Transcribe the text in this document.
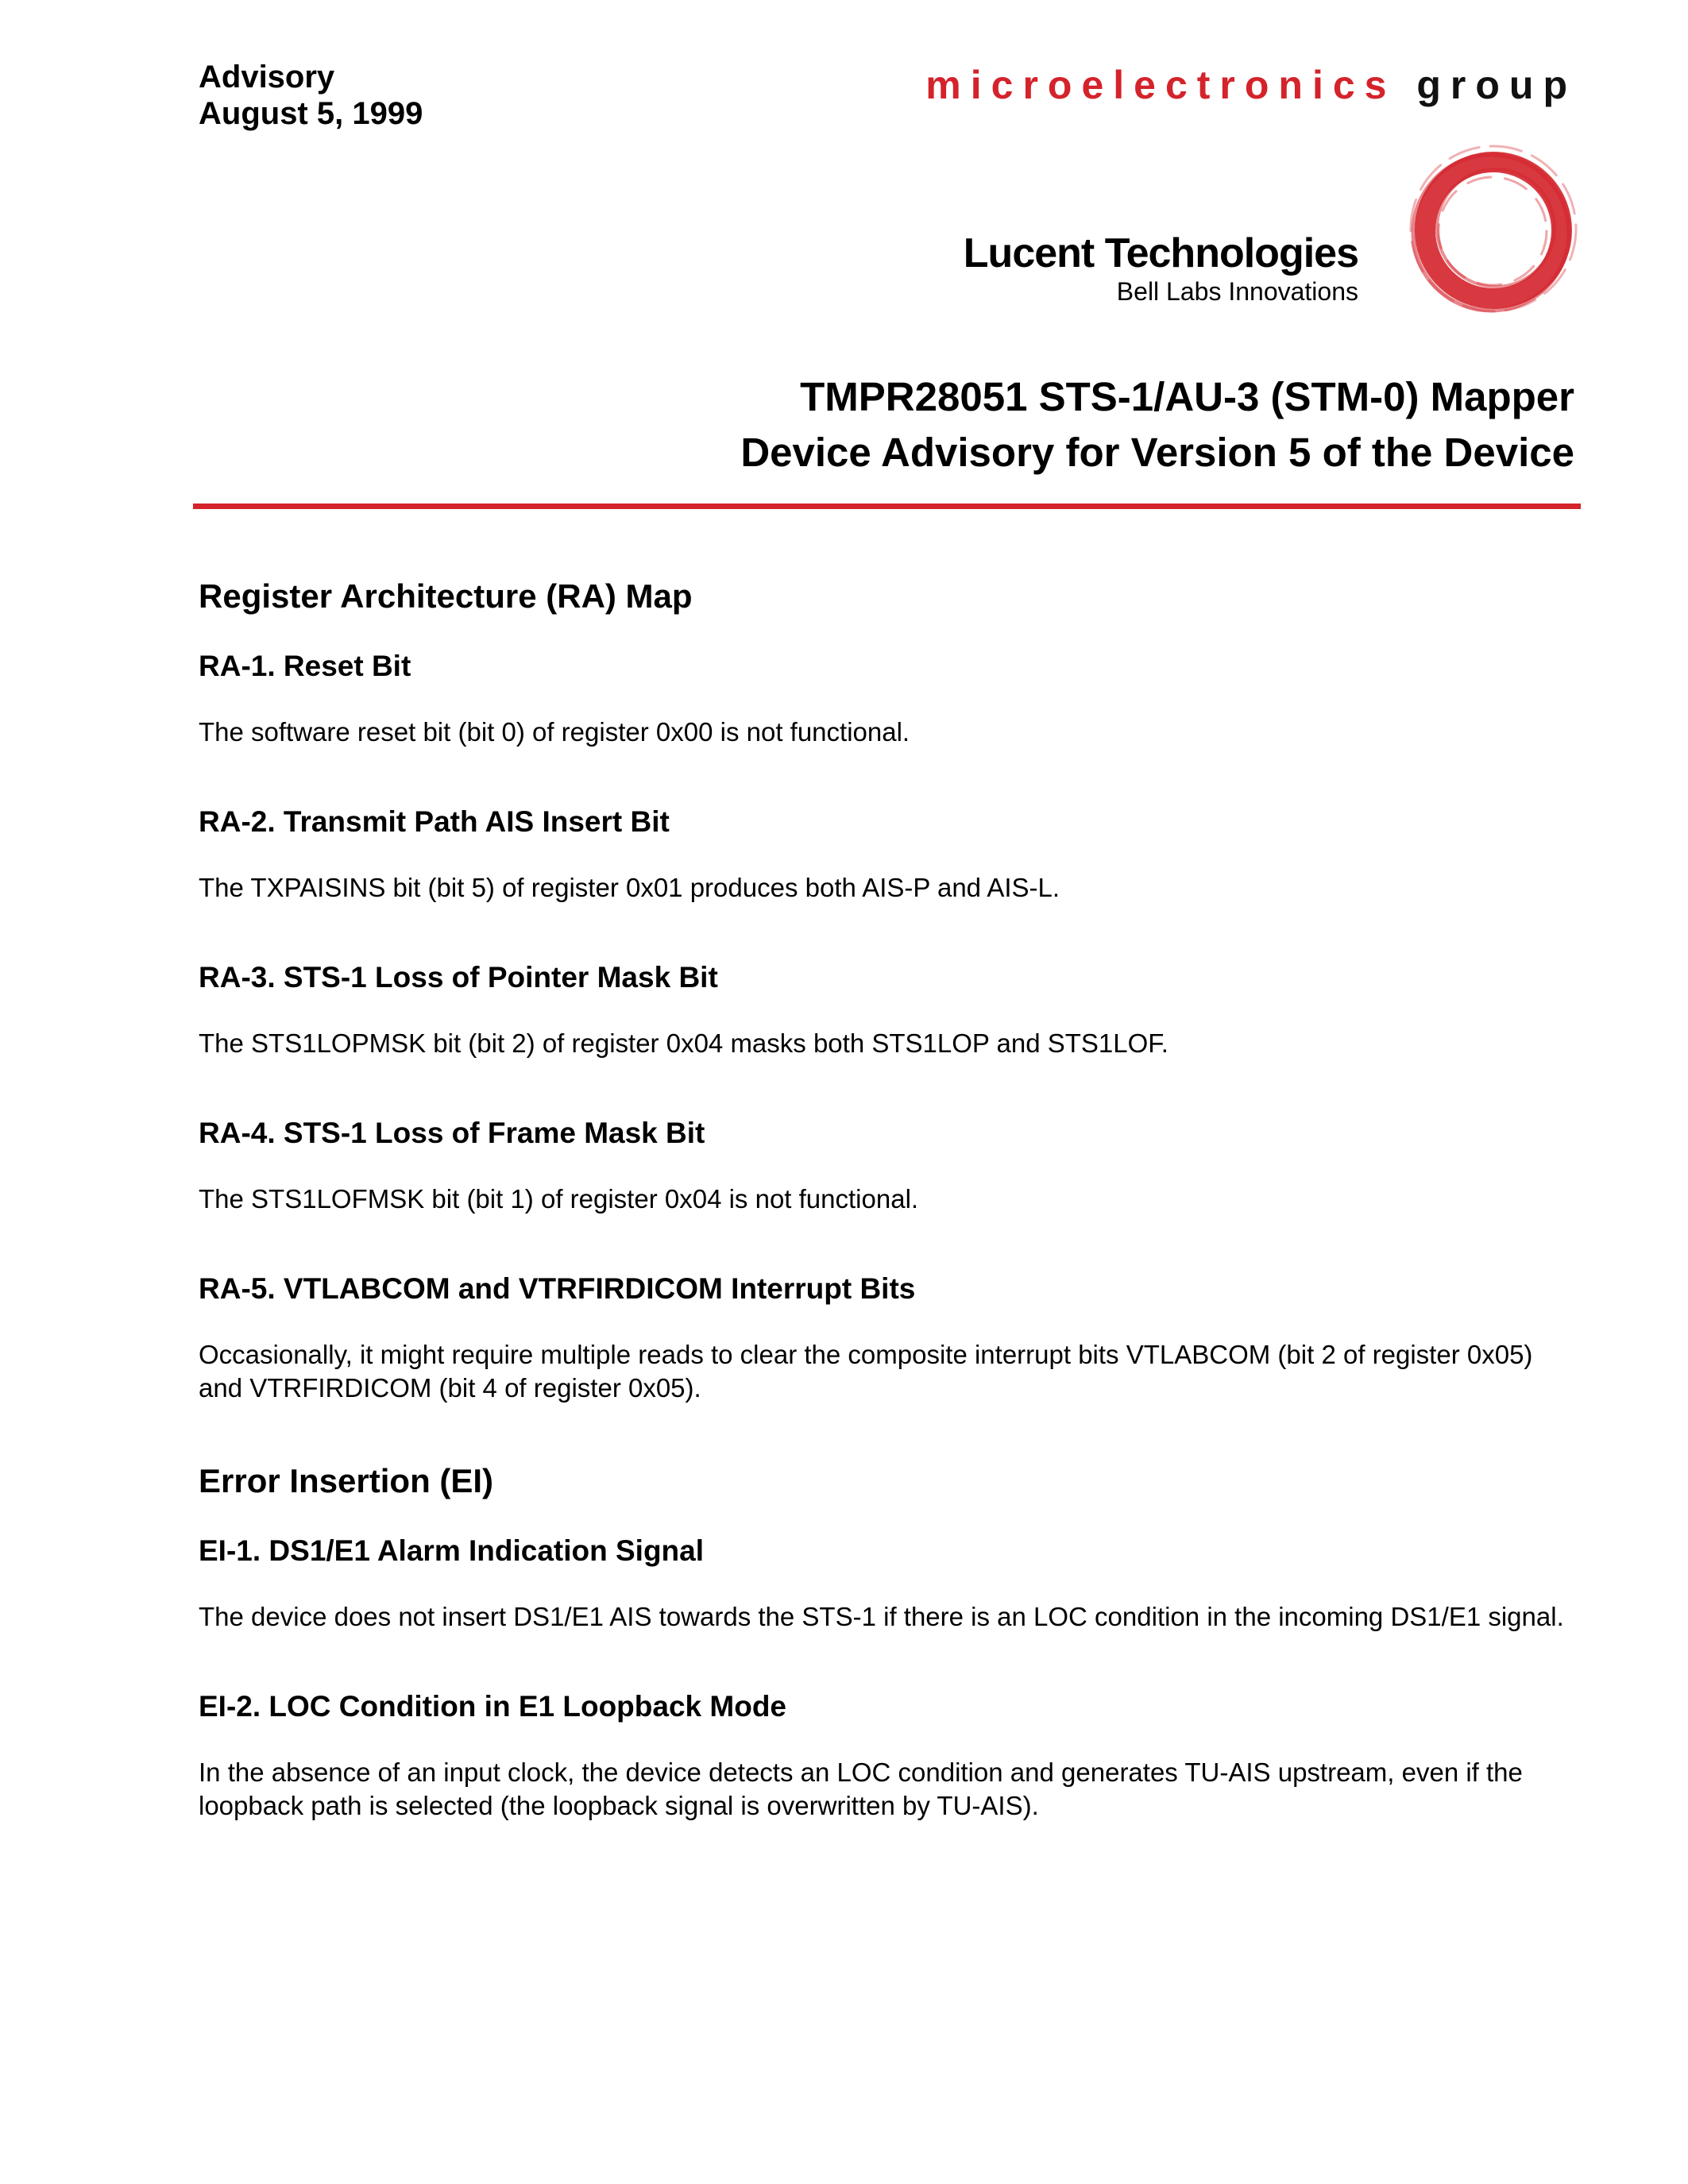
Advisory
August 5, 1999
microelectronics group
Lucent Technologies
Bell Labs Innovations
TMPR28051 STS-1/AU-3 (STM-0) Mapper
Device Advisory for Version 5 of the Device
Register Architecture (RA) Map
RA-1. Reset Bit
The software reset bit (bit 0) of register 0x00 is not functional.
RA-2. Transmit Path AIS Insert Bit
The TXPAISINS bit (bit 5) of register 0x01 produces both AIS-P and AIS-L.
RA-3. STS-1 Loss of Pointer Mask Bit
The STS1LOPMSK bit (bit 2) of register 0x04 masks both STS1LOP and STS1LOF.
RA-4. STS-1 Loss of Frame Mask Bit
The STS1LOFMSK bit (bit 1) of register 0x04 is not functional.
RA-5. VTLABCOM and VTRFIRDICOM Interrupt Bits
Occasionally, it might require multiple reads to clear the composite interrupt bits VTLABCOM (bit 2 of register 0x05) and VTRFIRDICOM (bit 4 of register 0x05).
Error Insertion (EI)
EI-1. DS1/E1 Alarm Indication Signal
The device does not insert DS1/E1 AIS towards the STS-1 if there is an LOC condition in the incoming DS1/E1 signal.
EI-2. LOC Condition in E1 Loopback Mode
In the absence of an input clock, the device detects an LOC condition and generates TU-AIS upstream, even if the loopback path is selected (the loopback signal is overwritten by TU-AIS).
